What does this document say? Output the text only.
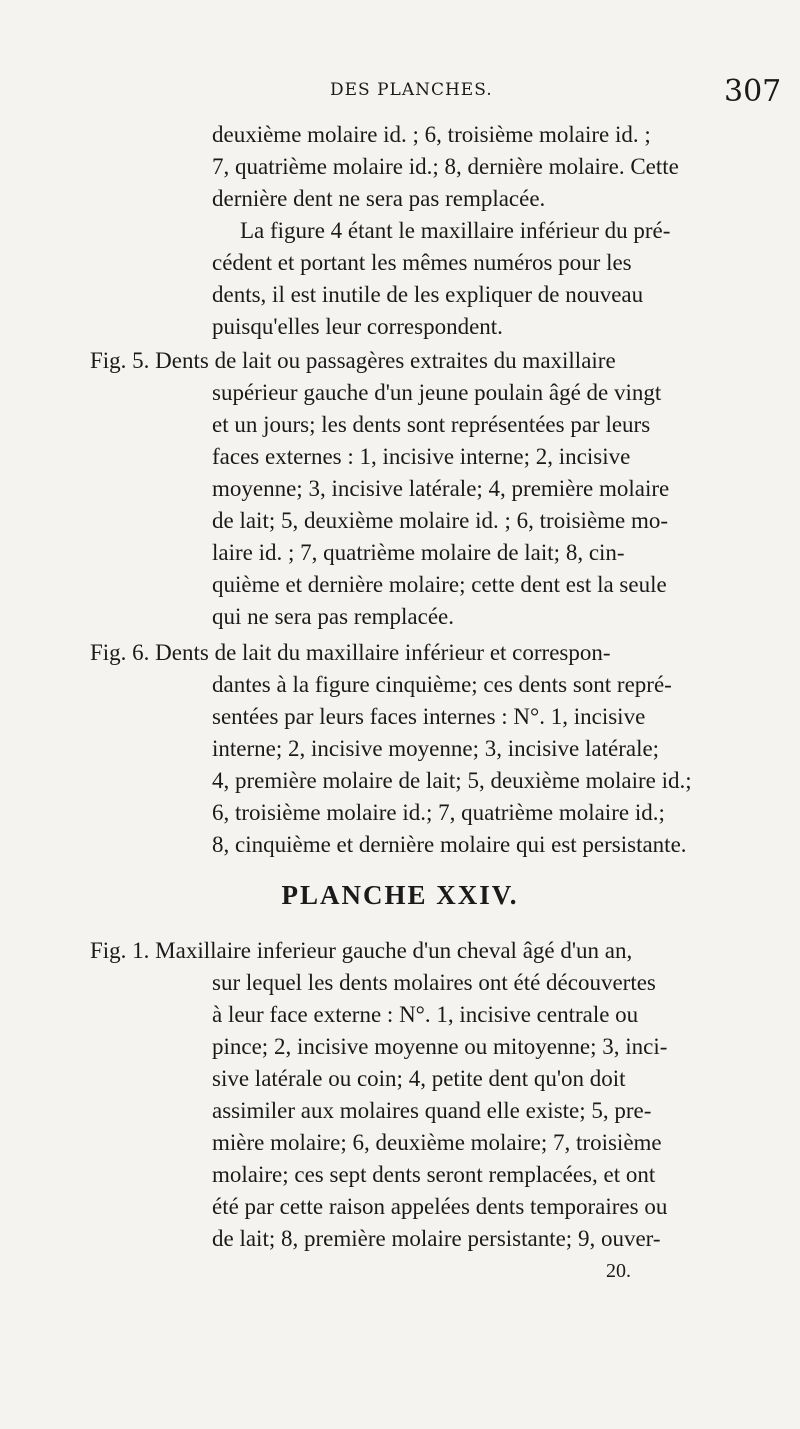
DES PLANCHES.	307
deuxième molaire id. ; 6, troisième molaire id. ;
7, quatrième molaire id.; 8, dernière molaire. Cette
dernière dent ne sera pas remplacée.
La figure 4 étant le maxillaire inférieur du pré-
cédent et portant les mêmes numéros pour les
dents, il est inutile de les expliquer de nouveau
puisqu'elles leur correspondent.
Fig. 5. Dents de lait ou passagères extraites du maxillaire
supérieur gauche d'un jeune poulain âgé de vingt
et un jours; les dents sont représentées par leurs
faces externes : 1, incisive interne; 2, incisive
moyenne; 3, incisive latérale; 4, première molaire
de lait; 5, deuxième molaire id. ; 6, troisième mo-
laire id. ; 7, quatrième molaire de lait; 8, cin-
quième et dernière molaire; cette dent est la seule
qui ne sera pas remplacée.
Fig. 6. Dents de lait du maxillaire inférieur et correspon-
dantes à la figure cinquième; ces dents sont repré-
sentées par leurs faces internes : N°. 1, incisive
interne; 2, incisive moyenne; 3, incisive latérale;
4, première molaire de lait; 5, deuxième molaire id.;
6, troisième molaire id.; 7, quatrième molaire id.;
8, cinquième et dernière molaire qui est persistante.
PLANCHE XXIV.
Fig. 1. Maxillaire inferieur gauche d'un cheval âgé d'un an,
sur lequel les dents molaires ont été découvertes
à leur face externe : N°. 1, incisive centrale ou
pince; 2, incisive moyenne ou mitoyenne; 3, inci-
sive latérale ou coin; 4, petite dent qu'on doit
assimiler aux molaires quand elle existe; 5, pre-
mière molaire; 6, deuxième molaire; 7, troisième
molaire; ces sept dents seront remplacées, et ont
été par cette raison appelées dents temporaires ou
de lait; 8, première molaire persistante; 9, ouver-
20.
